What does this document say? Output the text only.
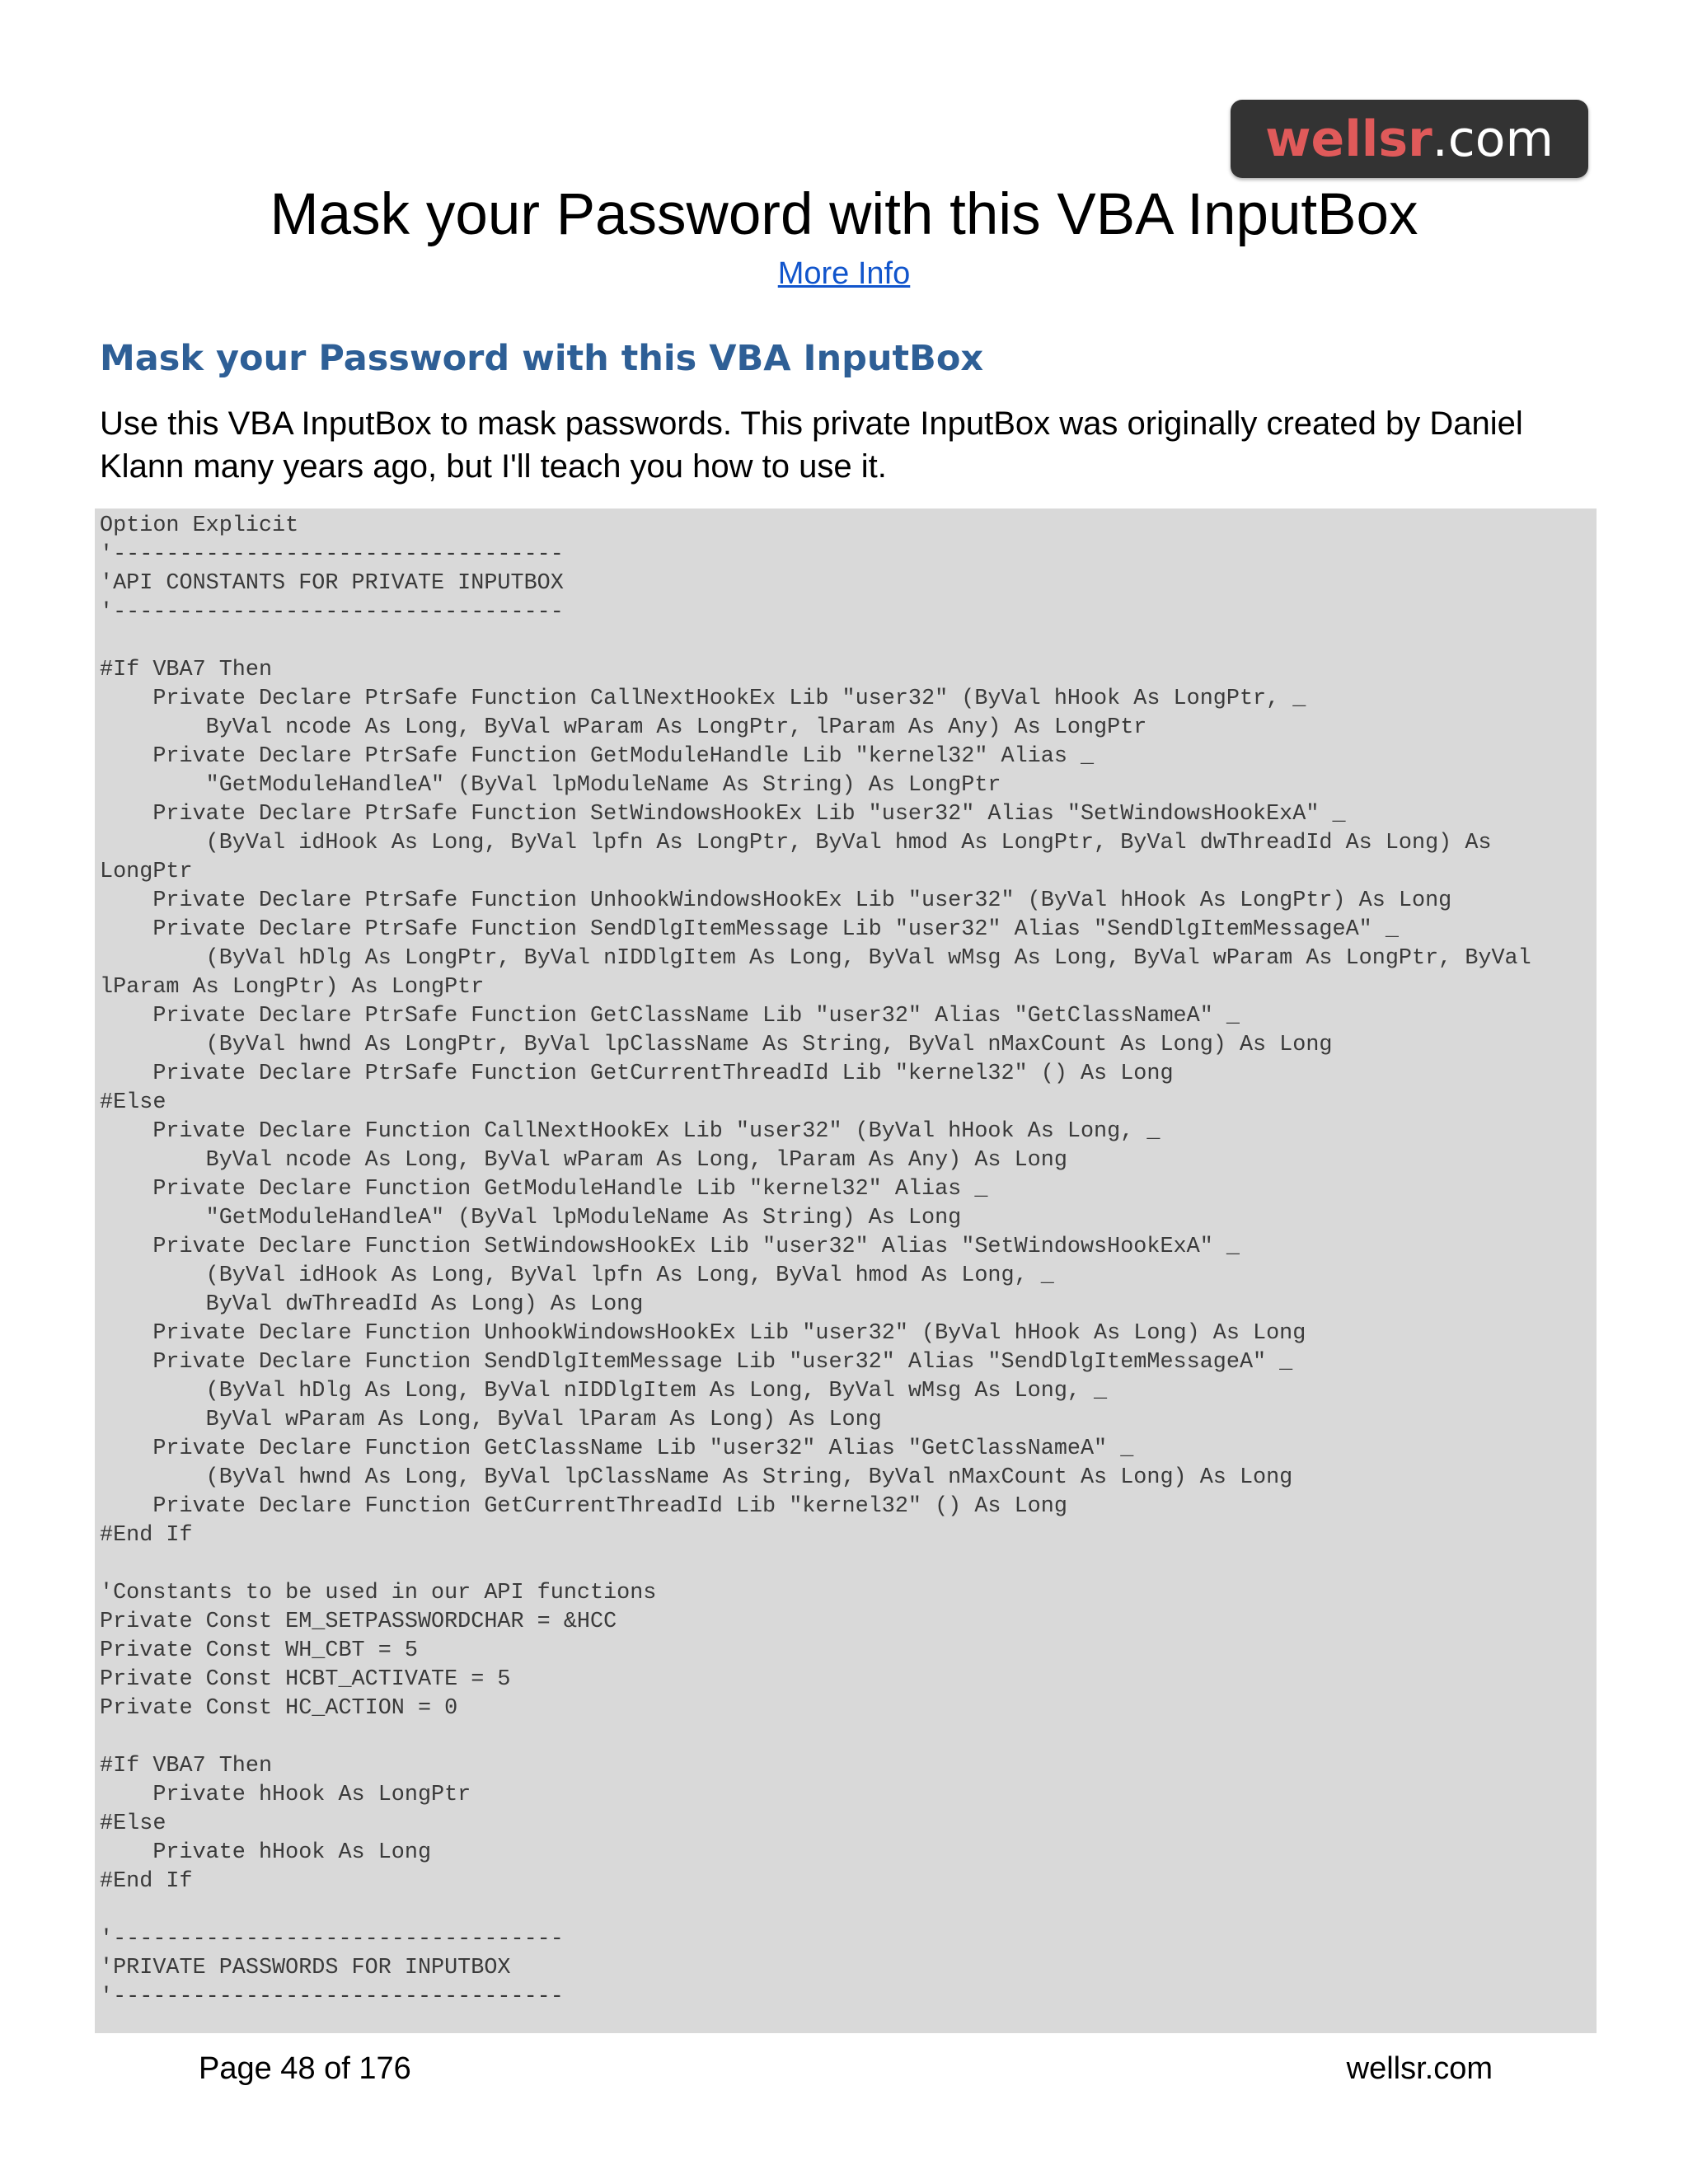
wellsr .com
Mask your Password with this VBA InputBox
More Info
Mask your Password with this VBA InputBox

Use this VBA InputBox to mask passwords. This private InputBox was originally created by Daniel Klann many years ago, but I'll teach you how to use it.

Option Explicit
'----------------------------------
'API CONSTANTS FOR PRIVATE INPUTBOX
'----------------------------------

#If VBA7 Then
Private Declare PtrSafe Function CallNextHookEx Lib "user32" (ByVal hHook As LongPtr, _
ByVal ncode As Long, ByVal wParam As LongPtr, lParam As Any) As LongPtr
Private Declare PtrSafe Function GetModuleHandle Lib "kernel32" Alias _
"GetModuleHandleA" (ByVal lpModuleName As String) As LongPtr
Private Declare PtrSafe Function SetWindowsHookEx Lib "user32" Alias "SetWindowsHookExA" _
(ByVal idHook As Long, ByVal lpfn As LongPtr, ByVal hmod As LongPtr, ByVal dwThreadId As Long) As
LongPtr
Private Declare PtrSafe Function UnhookWindowsHookEx Lib "user32" (ByVal hHook As LongPtr) As Long
Private Declare PtrSafe Function SendDlgItemMessage Lib "user32" Alias "SendDlgItemMessageA" _
(ByVal hDlg As LongPtr, ByVal nIDDlgItem As Long, ByVal wMsg As Long, ByVal wParam As LongPtr, ByVal
lParam As LongPtr) As LongPtr
Private Declare PtrSafe Function GetClassName Lib "user32" Alias "GetClassNameA" _
(ByVal hwnd As LongPtr, ByVal lpClassName As String, ByVal nMaxCount As Long) As Long
Private Declare PtrSafe Function GetCurrentThreadId Lib "kernel32" () As Long
#Else
Private Declare Function CallNextHookEx Lib "user32" (ByVal hHook As Long, _
ByVal ncode As Long, ByVal wParam As Long, lParam As Any) As Long
Private Declare Function GetModuleHandle Lib "kernel32" Alias _
"GetModuleHandleA" (ByVal lpModuleName As String) As Long
Private Declare Function SetWindowsHookEx Lib "user32" Alias "SetWindowsHookExA" _
(ByVal idHook As Long, ByVal lpfn As Long, ByVal hmod As Long, _
ByVal dwThreadId As Long) As Long
Private Declare Function UnhookWindowsHookEx Lib "user32" (ByVal hHook As Long) As Long
Private Declare Function SendDlgItemMessage Lib "user32" Alias "SendDlgItemMessageA" _
(ByVal hDlg As Long, ByVal nIDDlgItem As Long, ByVal wMsg As Long, _
ByVal wParam As Long, ByVal lParam As Long) As Long
Private Declare Function GetClassName Lib "user32" Alias "GetClassNameA" _
(ByVal hwnd As Long, ByVal lpClassName As String, ByVal nMaxCount As Long) As Long
Private Declare Function GetCurrentThreadId Lib "kernel32" () As Long
#End If

'Constants to be used in our API functions
Private Const EM_SETPASSWORDCHAR = &HCC
Private Const WH_CBT = 5
Private Const HCBT_ACTIVATE = 5
Private Const HC_ACTION = 0

#If VBA7 Then
Private hHook As LongPtr
#Else
Private hHook As Long
#End If

'----------------------------------
'PRIVATE PASSWORDS FOR INPUTBOX
'----------------------------------
Page 48 of 176	wellsr.com
